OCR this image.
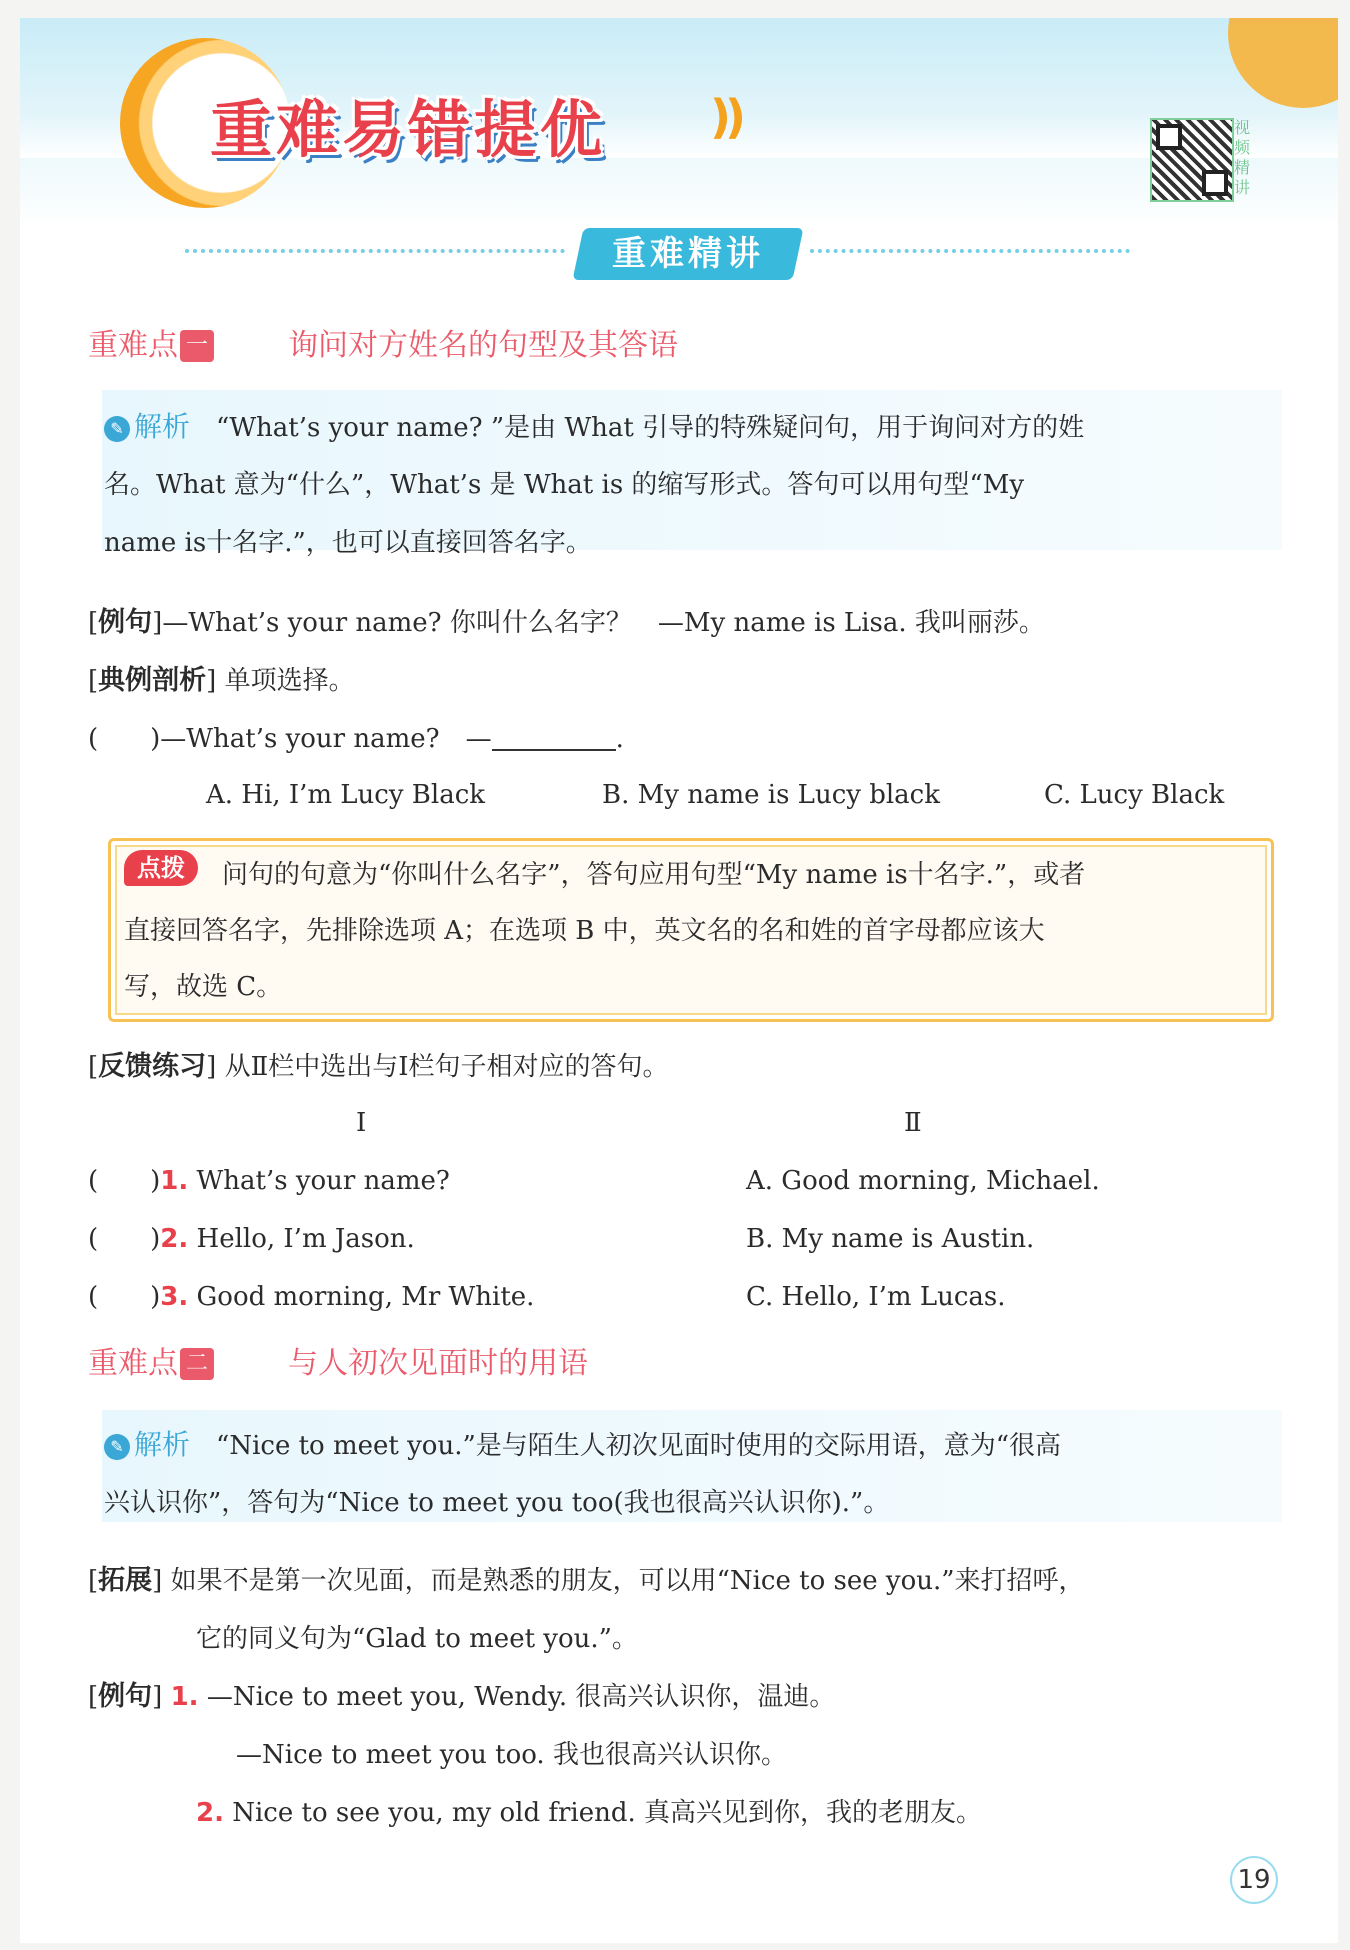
重难易错提优 ))	视频精讲
重难精讲
重难点 一	询问对方姓名的句型及其答语
✎ 解析　 “What’s your name? ”是由 What 引导的特殊疑问句，用于询问对方的姓
名。What 意为“什么”，What’s 是 What is 的缩写形式。答句可以用句型“My
name is十名字.”，也可以直接回答名字。
[例句]—What’s your name? 你叫什么名字？　—My name is Lisa. 我叫丽莎。
[典例剖析] 单项选择。
(　　)—What’s your name?　—	.
A. Hi, I’m Lucy Black	B. My name is Lucy black	C. Lucy Black
点拨	问句的句意为“你叫什么名字”，答句应用句型“My name is十名字.”，或者
直接回答名字，先排除选项 A；在选项 B 中，英文名的名和姓的首字母都应该大
写，故选 C。
[反馈练习] 从Ⅱ栏中选出与Ⅰ栏句子相对应的答句。
Ⅰ	Ⅱ
(　　)1. What’s your name?	A. Good morning, Michael.
(　　)2. Hello, I’m Jason.	B. My name is Austin.
(　　)3. Good morning, Mr White.	C. Hello, I’m Lucas.
重难点 二	与人初次见面时的用语
✎ 解析　 “Nice to meet you.”是与陌生人初次见面时使用的交际用语，意为“很高
兴认识你”，答句为“Nice to meet you too(我也很高兴认识你).”。
[拓展] 如果不是第一次见面，而是熟悉的朋友，可以用“Nice to see you.”来打招呼，
它的同义句为“Glad to meet you.”。
[例句] 1. —Nice to meet you, Wendy. 很高兴认识你，温迪。
—Nice to meet you too. 我也很高兴认识你。
2. Nice to see you, my old friend. 真高兴见到你，我的老朋友。
19
